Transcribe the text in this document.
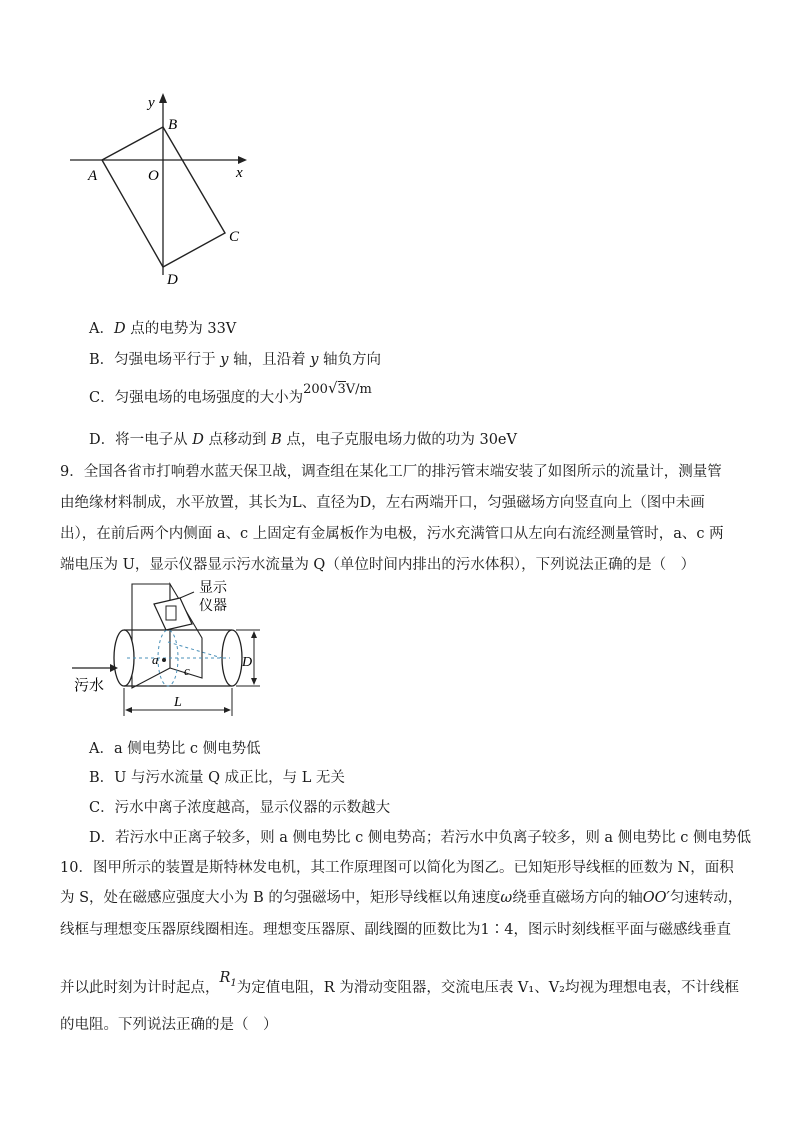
y
x
B
A	O
C
D
A．D 点的电势为 33V
B．匀强电场平行于 y 轴，且沿着 y 轴负方向
C．匀强电场的电场强度的大小为200√3V/m
D．将一电子从 D 点移动到 B 点，电子克服电场力做的功为 30eV
9．全国各省市打响碧水蓝天保卫战，调查组在某化工厂的排污管末端安装了如图所示的流量计，测量管
由绝缘材料制成，水平放置，其长为L、直径为D，左右两端开口，匀强磁场方向竖直向上（图中未画
出），在前后两个内侧面 a、c 上固定有金属板作为电极，污水充满管口从左向右流经测量管时，a、c 两
端电压为 U，显示仪器显示污水流量为 Q（单位时间内排出的污水体积），下列说法正确的是（　）
显示
仪器
a
c
污水
D
L
A．a 侧电势比 c 侧电势低
B．U 与污水流量 Q 成正比，与 L 无关
C．污水中离子浓度越高，显示仪器的示数越大
D．若污水中正离子较多，则 a 侧电势比 c 侧电势高；若污水中负离子较多，则 a 侧电势比 c 侧电势低
10．图甲所示的装置是斯特林发电机，其工作原理图可以简化为图乙。已知矩形导线框的匝数为 N，面积
为 S，处在磁感应强度大小为 B 的匀强磁场中，矩形导线框以角速度ω绕垂直磁场方向的轴OO′匀速转动，
线框与理想变压器原线圈相连。理想变压器原、副线圈的匝数比为1∶4，图示时刻线框平面与磁感线垂直
并以此时刻为计时起点，$R_1$为定值电阻，R 为滑动变阻器，交流电压表 V₁、V₂均视为理想电表，不计线框
的电阻。下列说法正确的是（　）
